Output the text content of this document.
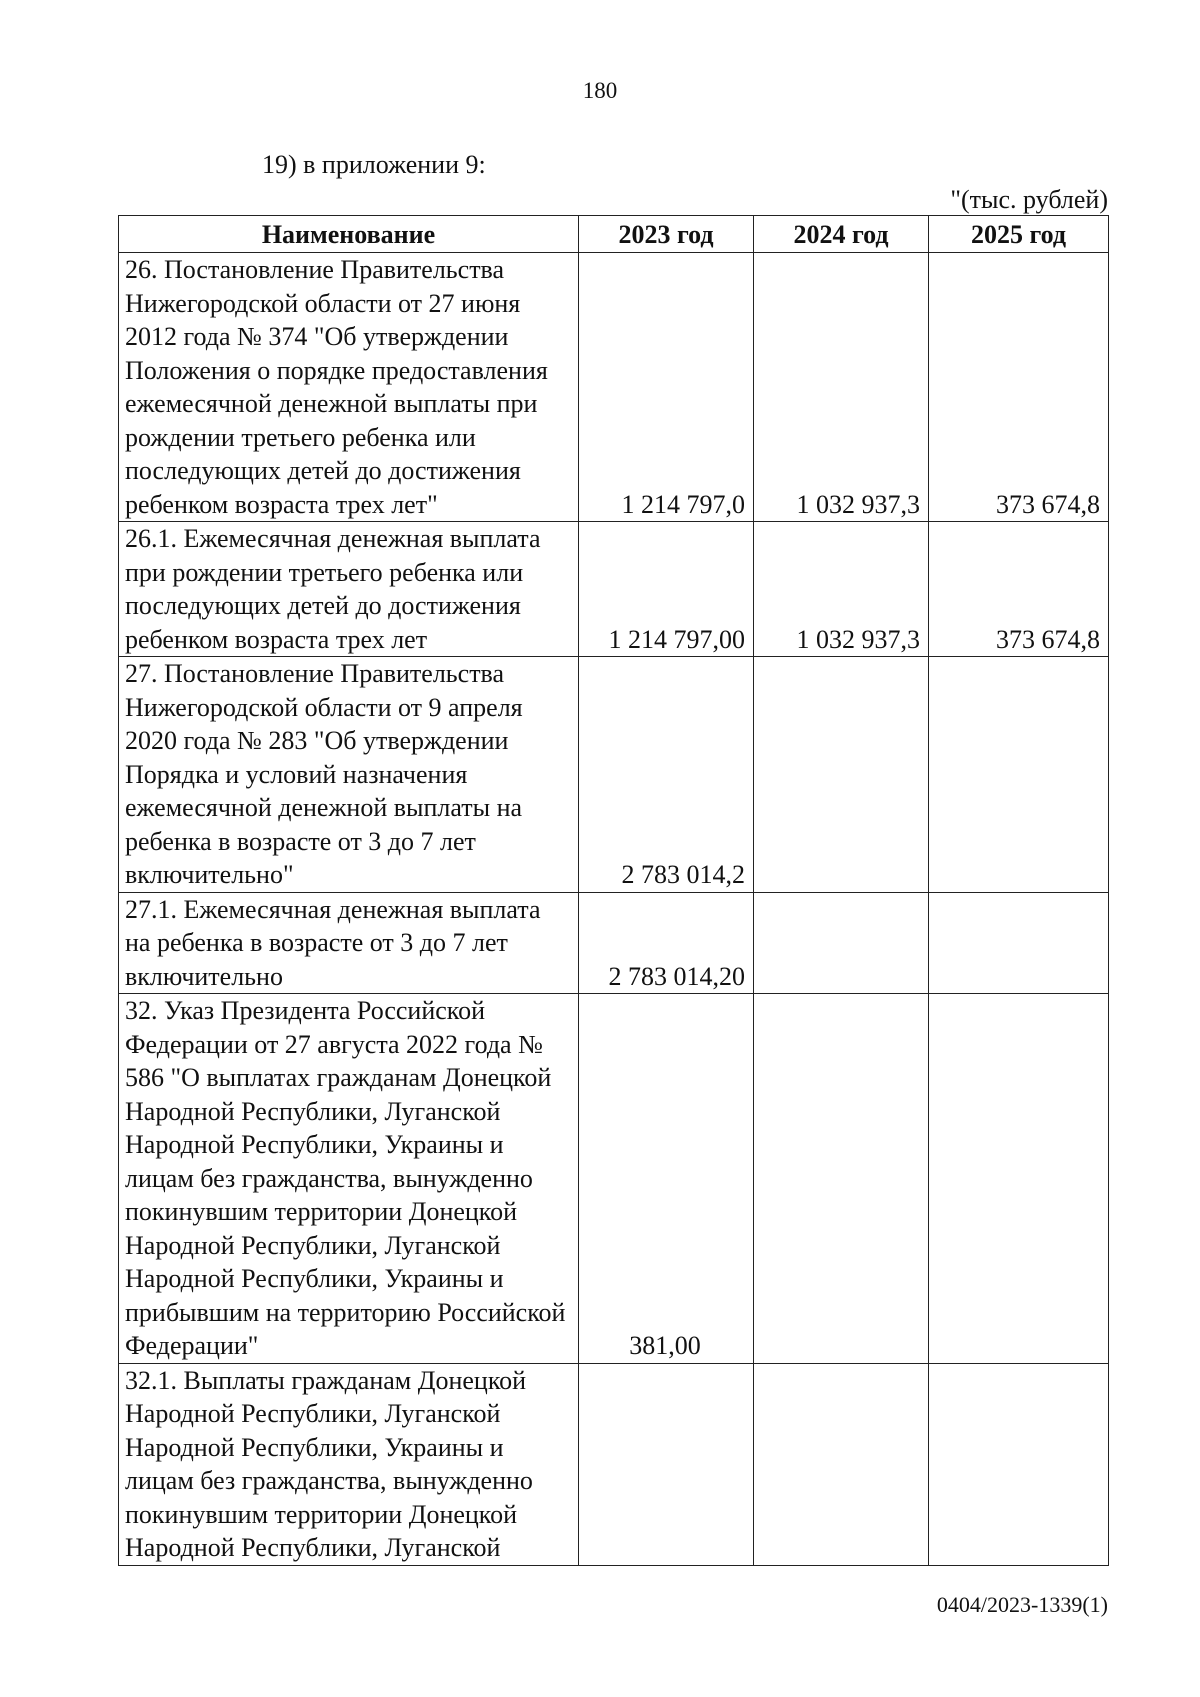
180
19) в приложении 9:
"(тыс. рублей)
Наименование	2023 год	2024 год	2025 год
26. Постановление Правительства Нижегородской области от 27 июня 2012 года № 374 "Об утверждении Положения о порядке предоставления ежемесячной денежной выплаты при рождении третьего ребенка или последующих детей до достижения ребенком возраста трех лет"	1 214 797,0	1 032 937,3	373 674,8
26.1. Ежемесячная денежная выплата при рождении третьего ребенка или последующих детей до достижения ребенком возраста трех лет	1 214 797,00	1 032 937,3	373 674,8
27. Постановление Правительства Нижегородской области от 9 апреля 2020 года № 283 "Об утверждении Порядка и условий назначения ежемесячной денежной выплаты на ребенка в возрасте от 3 до 7 лет включительно"	2 783 014,2		
27.1. Ежемесячная денежная выплата на ребенка в возрасте от 3 до 7 лет включительно	2 783 014,20		
32. Указ Президента Российской Федерации от 27 августа 2022 года № 586 "О выплатах гражданам Донецкой Народной Республики, Луганской Народной Республики, Украины и лицам без гражданства, вынужденно покинувшим территории Донецкой Народной Республики, Луганской Народной Республики, Украины и прибывшим на территорию Российской Федерации"	381,00		
32.1. Выплаты гражданам Донецкой Народной Республики, Луганской Народной Республики, Украины и лицам без гражданства, вынужденно покинувшим территории Донецкой Народной Республики, Луганской			
0404/2023-1339(1)
